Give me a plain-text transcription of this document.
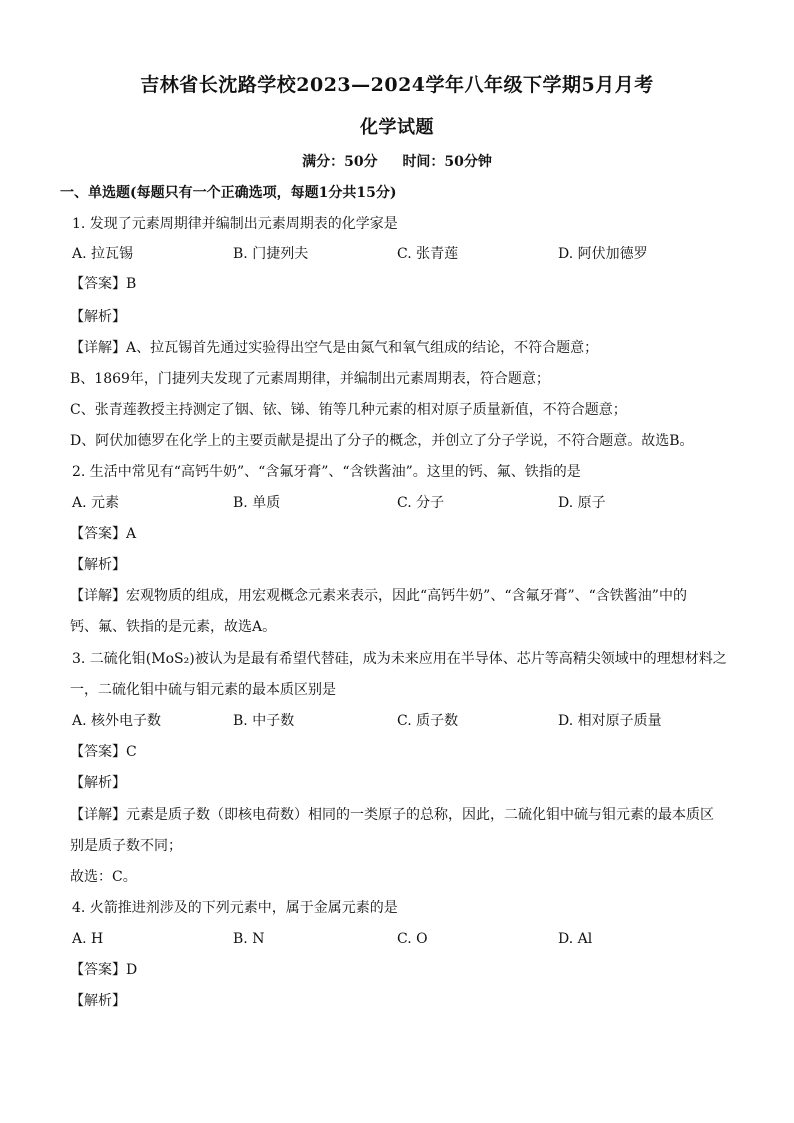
吉林省长沈路学校2023—2024学年八年级下学期5月月考
化学试题
满分：50分 时间：50分钟
一、单选题(每题只有一个正确选项，每题1分共15分)
1. 发现了元素周期律并编制出元素周期表的化学家是
A. 拉瓦锡	B. 门捷列夫	C. 张青莲	D. 阿伏加德罗
【答案】B
【解析】
【详解】A、拉瓦锡首先通过实验得出空气是由氮气和氧气组成的结论，不符合题意；
B、1869年，门捷列夫发现了元素周期律，并编制出元素周期表，符合题意；
C、张青莲教授主持测定了铟、铱、锑、铕等几种元素的相对原子质量新值，不符合题意；
D、阿伏加德罗在化学上的主要贡献是提出了分子的概念，并创立了分子学说，不符合题意。故选B。
2. 生活中常见有“高钙牛奶”、“含氟牙膏”、“含铁酱油”。这里的钙、氟、铁指的是
A. 元素	B. 单质	C. 分子	D. 原子
【答案】A
【解析】
【详解】宏观物质的组成，用宏观概念元素来表示，因此“高钙牛奶”、“含氟牙膏”、“含铁酱油”中的
钙、氟、铁指的是元素，故选A。
3. 二硫化钼(MoS₂)被认为是最有希望代替硅，成为未来应用在半导体、芯片等高精尖领域中的理想材料之
一，二硫化钼中硫与钼元素的最本质区别是
A. 核外电子数	B. 中子数	C. 质子数	D. 相对原子质量
【答案】C
【解析】
【详解】元素是质子数（即核电荷数）相同的一类原子的总称，因此，二硫化钼中硫与钼元素的最本质区
别是质子数不同；
故选：C。
4. 火箭推进剂涉及的下列元素中，属于金属元素的是
A. H	B. N	C. O	D. Al
【答案】D
【解析】
